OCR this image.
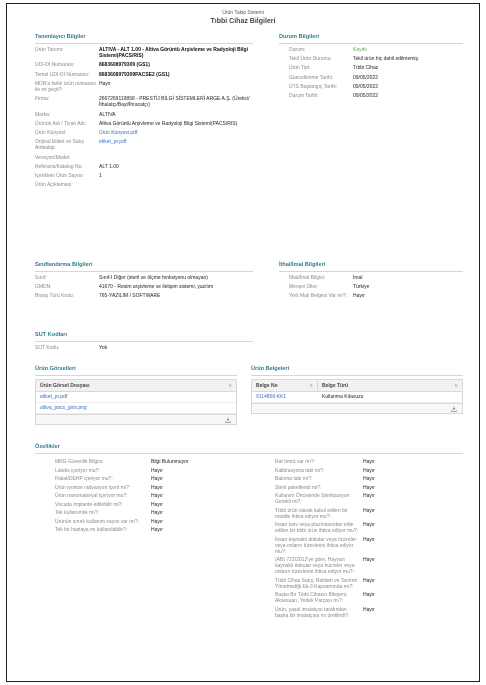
Ürün Takip Sistemi
Tıbbi Cihaz Bilgileri
Tanımlayıcı Bilgiler
Ürün Tanımı:	ALTIVA - ALT 1.00 - Altiva Görüntü Arşivleme ve Radyoloji Bilgi Sistemi(PACS/RIS)
UDI-DI Numarası:	8683608979309 (GS1)
Temel UDI-DI Numarası:	8683608979309PACSE2 (GS1)
MDR'a farklı ürün numarası ile mi geçti?:
Hayır
Firma:	2667269119858 - PRESTİJ BİLGİ SİSTEMLERİ ARGE A.Ş. (Üretici/İthalatçı/Bayi/İhracatçı)
Marka:	ALTIVA
Ürünün Adı / Ticari Adı:	Altiva Görüntü Arşivleme ve Radyoloji Bilgi Sistemi(PACS/RIS)
Ürün Künyesi:	Ürün Künyesi.pdf
Orijinal Etiket ve Satış Ambalajı:
etiket_pr.pdf
Versiyon/Model:
Referans/Katalog No:	ALT 1.00
İçerikteki Ürün Sayısı:	1
Ürün Açıklaması:
Durum Bilgileri
Durum:	Kayıtlı
Tekil Ürün Durumu:	Tekil ürün hiç dahil edilmemiş.
Ürün Tipi:	Tıbbi Cihaz
Güncellenme Tarihi:	09/05/2022
ÜTS Başlangıç Tarihi:	09/05/2022
Durum Tarihi:	09/05/2022
Sınıflandırma Bilgileri
Sınıf:	Sınıf-I Diğer (steril ve ölçme fonksiyonu olmayan)
GMDN:	41670 - Resim arşivleme ve iletişim sistemi, yazılım
Branş Türü Kodu:	765-YAZILIM / SOFTWARE
İthal/İmal Bilgileri
İthal/İmal Bilgisi:	İmal
Menşei Ülke:	Türkiye
Yerli Malı Belgesi Var mı?:	Hayır
SUT Kodları
SUT Kodu:	Yok
Ürün Görselleri
Ürün Görsel Dosyası	⇅
etiket_pr.pdf
altiva_pacs_giris.png
Ürün Belgeleri
Belge No	⇅	Belge Türü	⇅
9114858-KK1	Kullanma Kılavuzu
Özellikler
MRG Güvenlik Bilgisi:	Bilgi Bulunmuyor
Lateks içeriyor mu?:	Hayır
Ftalat/DEHP içeriyor mu?:	Hayır
Ürün iyonize radyasyon içerir mi?:	Hayır
Ürün nanomateryal içeriyor mu?:	Hayır
Vücuda implante edilebilir mi?:	Hayır
Tek kullanımlık mı?:	Hayır
Ürünün sınırlı kullanım sayısı var mı?:	Hayır
Tek bir hastaya mı kullanılabilir?:	Hayır
Raf ömrü var mı?:	Hayır
Kalibrasyona tabi mi?:	Hayır
Bakıma tabi mi?:	Hayır
Steril paketlendi mi?:	Hayır
Kullanım Öncesinde Sterilizasyon Gerekli mi?:
Hayır
Tıbbi ürün olarak kabul edilen bir madde ihtiva ediyor mu?:
Hayır
İnsan kanı veya plazmasından elde edilen bir tıbbi ürün ihtiva ediyor mu?:
Hayır
İnsan kaynaklı dokular veya hücreler veya onların türevlerini ihtiva ediyor mu?:
Hayır
(AB) 722/2012'ye göre, Hayvan kaynaklı dokular veya hücreler veya onların türevlerini ihtiva ediyor mu?:
Hayır
Tıbbi Cihaz Satış, Reklam ve Tanıtım Yönetmeliği Ek-3 Kapsamında mı?:
Hayır
Başka Bir Tıbbi Cihazın Bileşeni, Aksesuarı, Yedek Parçası mı?:
Hayır
Ürün, yasal imalatçısı tarafından başka bir imalatçıya mı üretilirdi?:
Hayır
